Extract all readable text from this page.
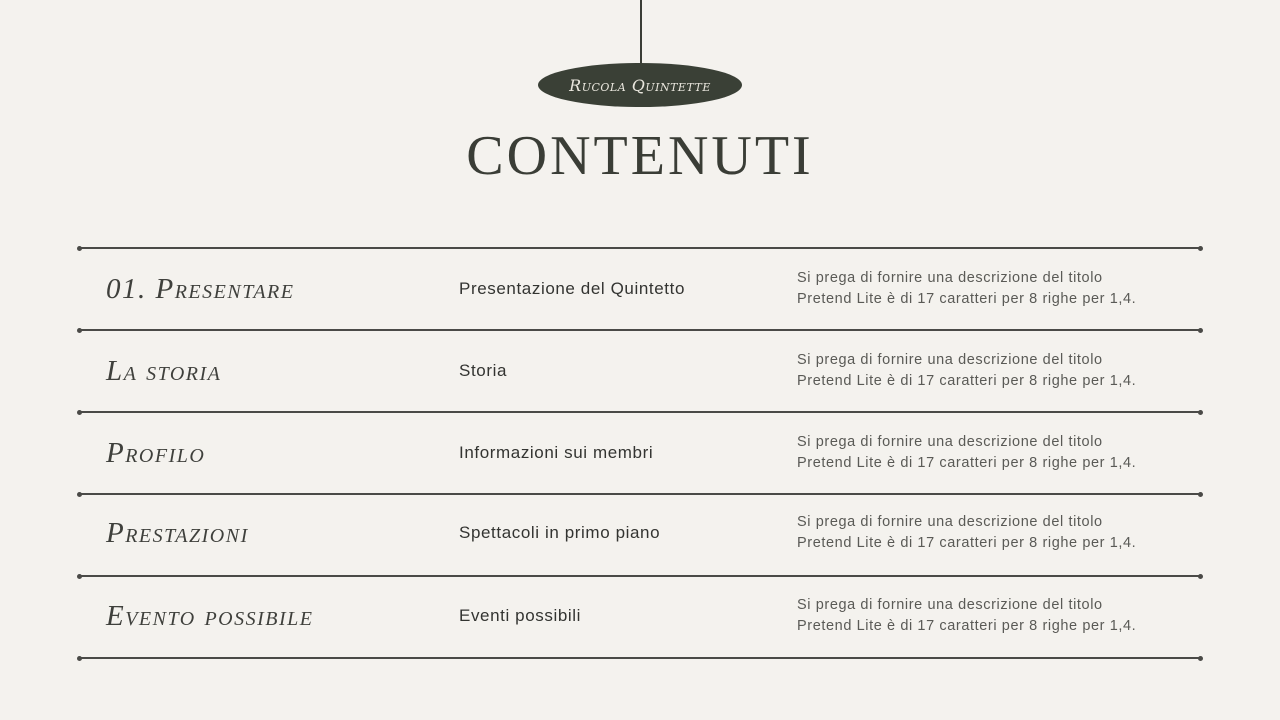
Rucola Quintette
CONTENUTI
01. Presentare	Presentazione del Quintetto
Si prega di fornire una descrizione del titolo
Pretend Lite è di 17 caratteri per 8 righe per 1,4.
La storia	Storia
Si prega di fornire una descrizione del titolo
Pretend Lite è di 17 caratteri per 8 righe per 1,4.
Profilo	Informazioni sui membri
Si prega di fornire una descrizione del titolo
Pretend Lite è di 17 caratteri per 8 righe per 1,4.
Prestazioni	Spettacoli in primo piano
Si prega di fornire una descrizione del titolo
Pretend Lite è di 17 caratteri per 8 righe per 1,4.
Evento possibile	Eventi possibili
Si prega di fornire una descrizione del titolo
Pretend Lite è di 17 caratteri per 8 righe per 1,4.
